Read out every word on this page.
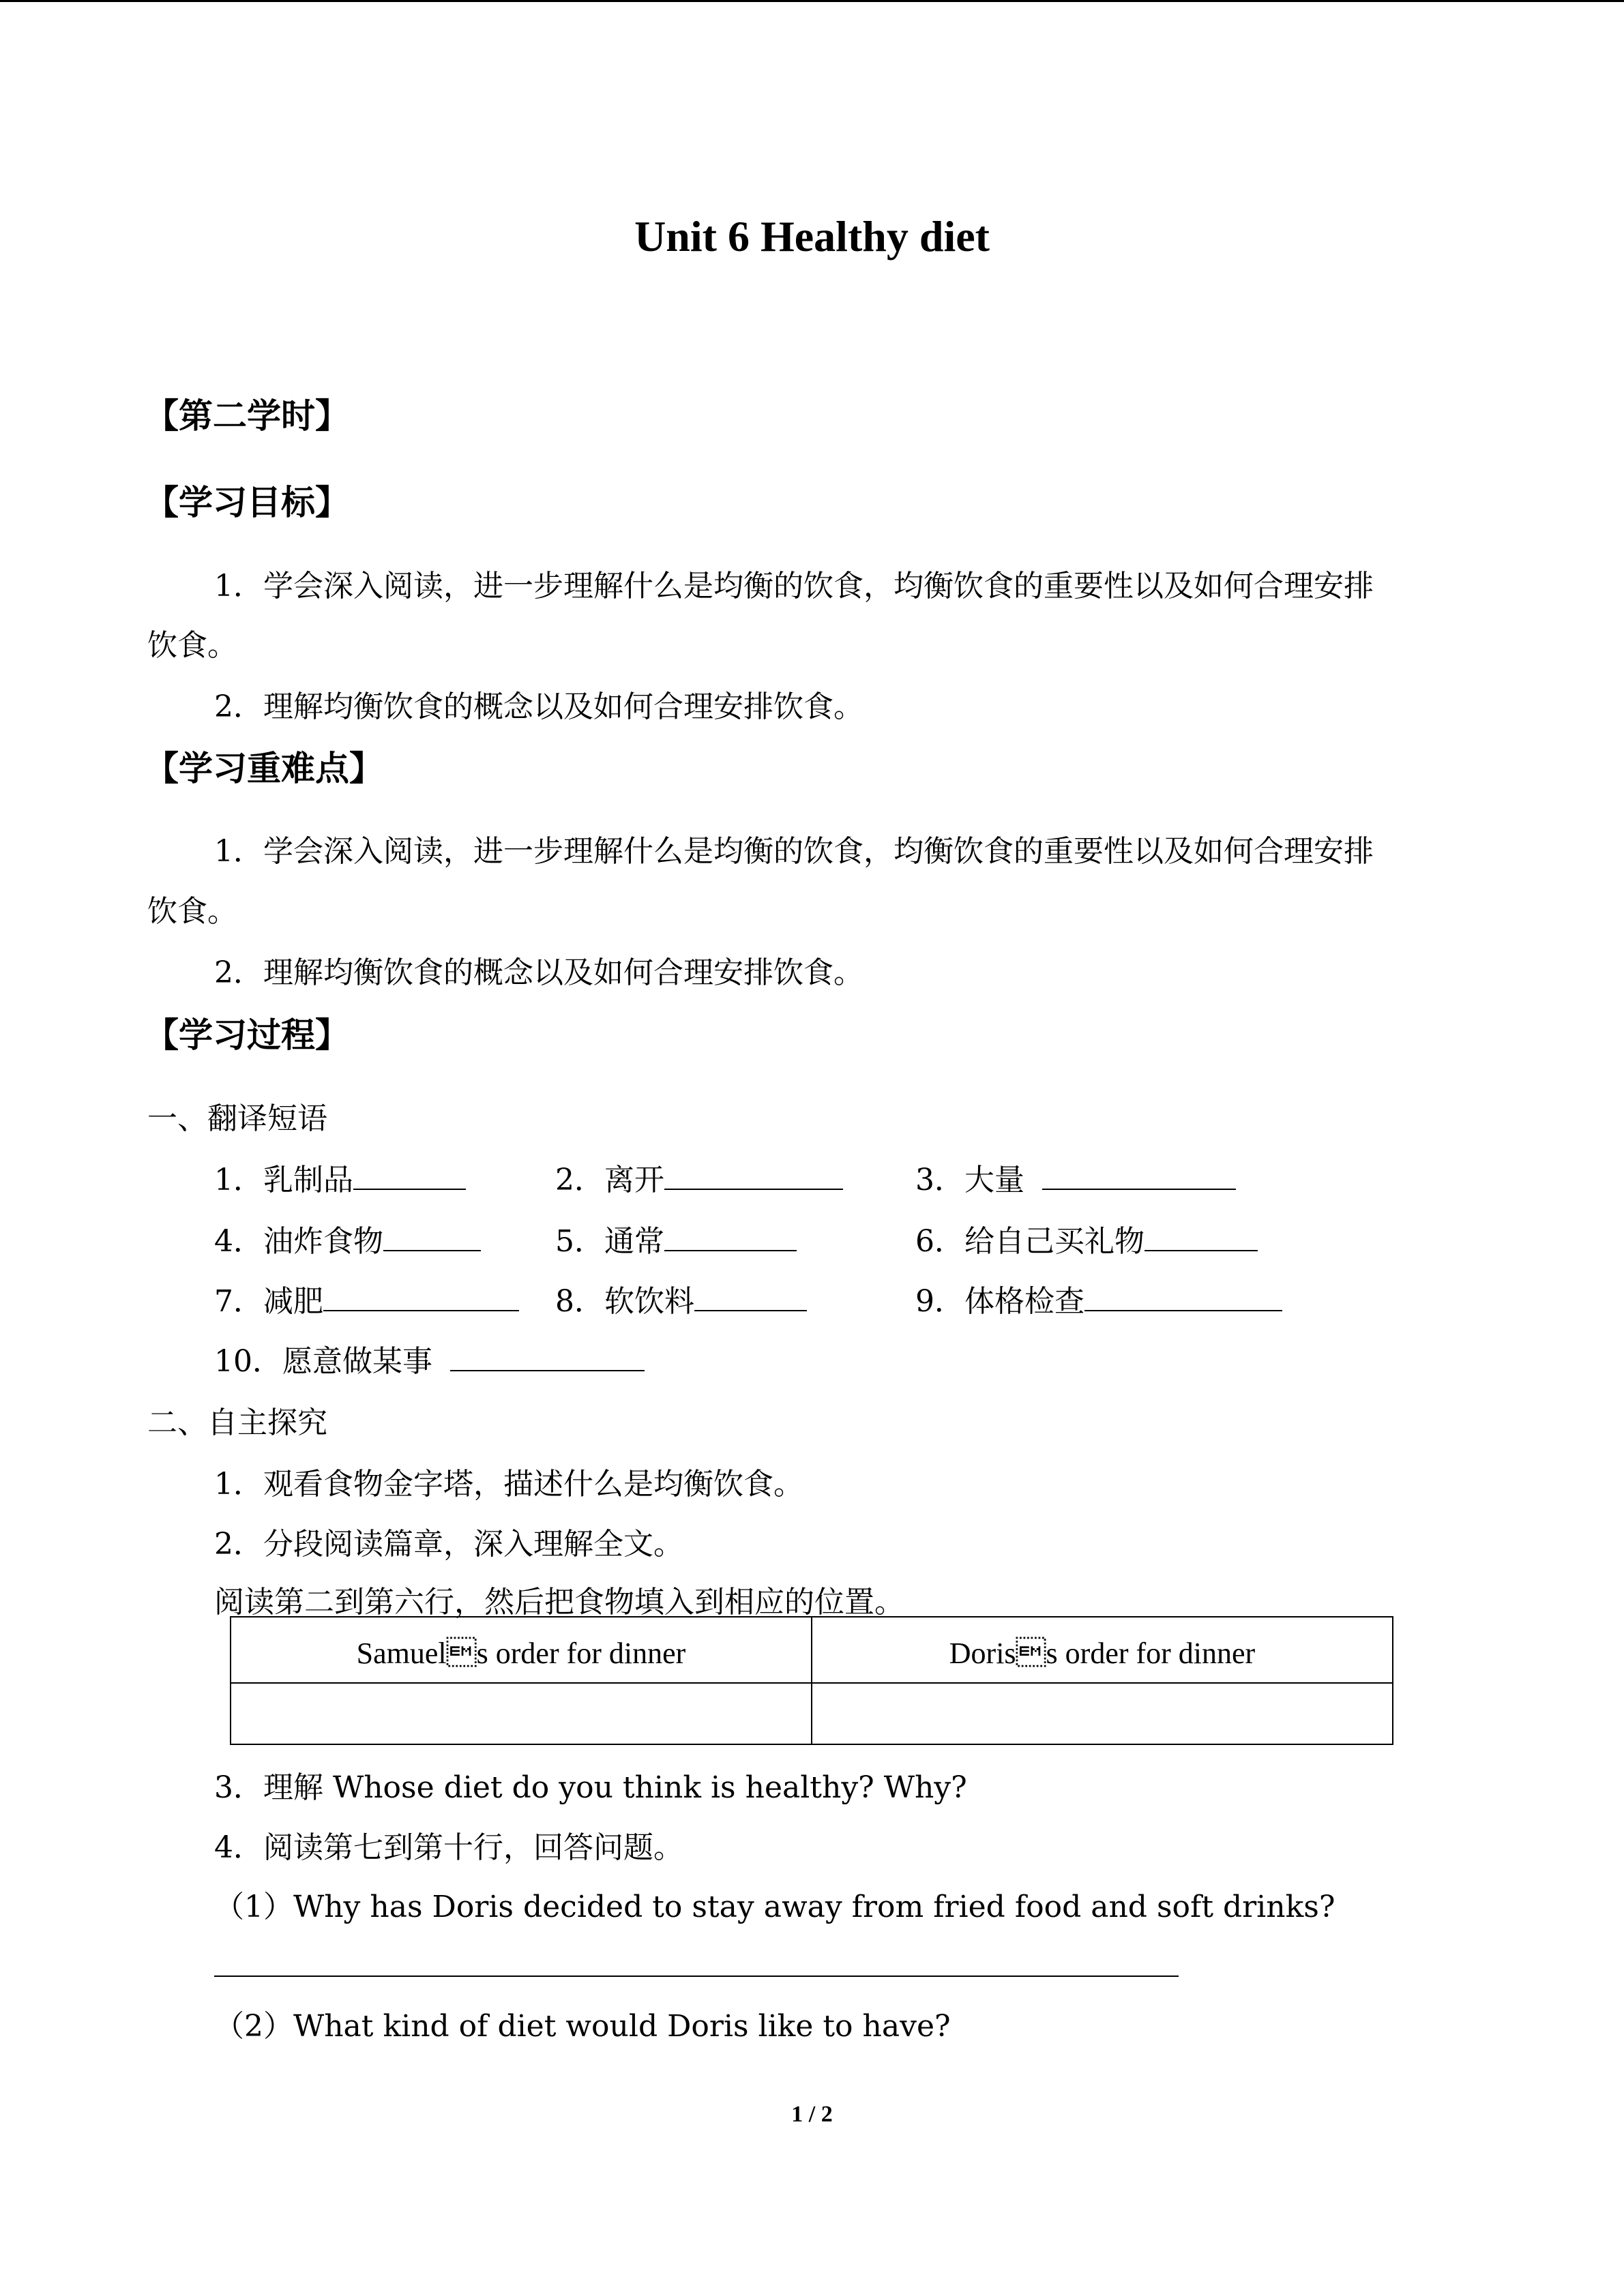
Unit 6 Healthy diet
【第二学时】
【学习目标】
1．学会深入阅读，进一步理解什么是均衡的饮食，均衡饮食的重要性以及如何合理安排
饮食。
2．理解均衡饮食的概念以及如何合理安排饮食。
【学习重难点】
1．学会深入阅读，进一步理解什么是均衡的饮食，均衡饮食的重要性以及如何合理安排
饮食。
2．理解均衡饮食的概念以及如何合理安排饮食。
【学习过程】
一、翻译短语
1．乳制品	2．离开	3．大量
4．油炸食物	5．通常	6．给自己买礼物
7．减肥	8．软饮料	9．体格检查
10．愿意做某事
二、自主探究
1．观看食物金字塔，描述什么是均衡饮食。
2．分段阅读篇章，深入理解全文。
阅读第二到第六行，然后把食物填入到相应的位置。
Samuels order for dinner	Doriss order for dinner

3．理解 Whose diet do you think is healthy? Why?
4．阅读第七到第十行，回答问题。
（1）Why has Doris decided to stay away from fried food and soft drinks?
（2）What kind of diet would Doris like to have?
1 / 2
